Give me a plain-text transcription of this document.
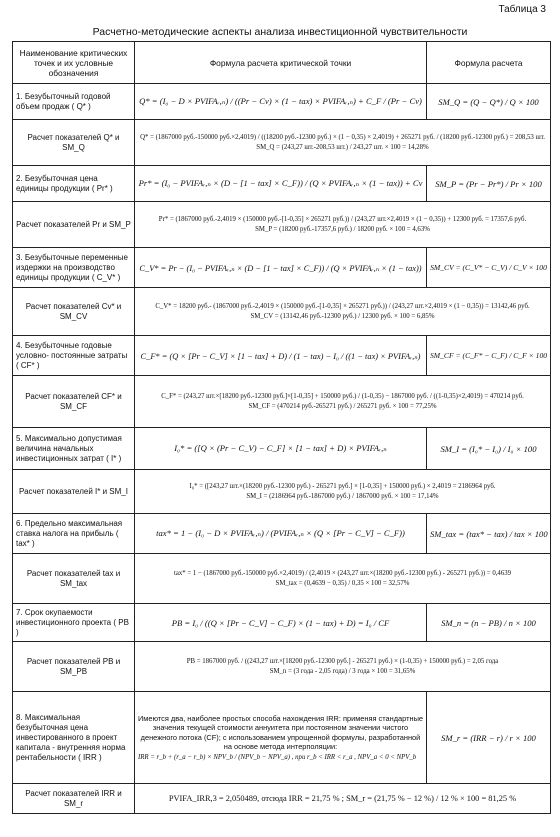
Таблица 3
Расчетно-методические аспекты анализа инвестиционной чувствительности
Наименование критических точек и их условные обозначения	Формула расчета критической точки	Формула расчета
1. Безубыточный годовой объем продаж ( Q* )	Q* = (I₀ − D × PVIFAᵣ,ₙ) / ((Pr − Cv) × (1 − tax) × PVIFAᵣ,ₙ) + C_F / (Pr − Cv)	SM_Q = (Q − Q*) / Q × 100
Расчет показателей Q* и SM_Q	Q* = (1867000 руб.-150000 руб.×2,4019) / ((18200 руб.-12300 руб.) × (1 − 0,35) × 2,4019) + 265271 руб. / (18200 руб.-12300 руб.) = 208,53 шт.
SM_Q = (243,27 шт.-208,53 шт.) / 243,27 шт. × 100 = 14,28%	

2. Безубыточная цена единицы продукции ( Pr* )	Pr* = (I₀ − PVIFAᵣ,ₙ × (D − [1 − tax] × C_F)) / (Q × PVIFAᵣ,ₙ × (1 − tax)) + Cv	SM_P = (Pr − Pr*) / Pr × 100
Расчет показателей Pr и SM_P	Pr* = (1867000 руб.-2,4019 × (150000 руб.-[1-0,35] × 265271 руб.)) / (243,27 шт.×2,4019 × (1 − 0,35)) + 12300 руб. = 17357,6 руб.
SM_P = (18200 руб.-17357,6 руб.) / 18200 руб. × 100 = 4,63%	

3. Безубыточные переменные издержки на производство единицы продукции ( C_V* )	C_V* = Pr − (I₀ − PVIFAᵣ,ₙ × (D − [1 − tax] × C_F)) / (Q × PVIFAᵣ,ₙ × (1 − tax))	SM_CV = (C_V* − C_V) / C_V × 100
Расчет показателей Cv* и SM_CV	C_V* = 18200 руб.- (1867000 руб.-2,4019 × (150000 руб.-[1-0,35] × 265271 руб.)) / (243,27 шт.×2,4019 × (1 − 0,35)) = 13142,46 руб.
SM_CV = (13142,46 руб.-12300 руб.) / 12300 руб. × 100 = 6,85%	

4. Безубыточные годовые условно- постоянные затраты ( CF* )	C_F* = (Q × [Pr − C_V] × [1 − tax] + D) / (1 − tax) − I₀ / ((1 − tax) × PVIFAᵣ,ₙ)	SM_CF = (C_F* − C_F) / C_F × 100
Расчет показателей CF* и SM_CF	C_F* = (243,27 шт.×[18200 руб.-12300 руб.]×[1-0,35] + 150000 руб.) / (1-0,35) − 1867000 руб. / ((1-0,35)×2,4019) = 470214 руб.
SM_CF = (470214 руб.-265271 руб.) / 265271 руб. × 100 = 77,25%	

5. Максимально допустимая величина начальных инвестиционных затрат ( I* )	I₀* = ([Q × (Pr − C_V) − C_F] × [1 − tax] + D) × PVIFAᵣ,ₙ	SM_I = (I₀* − I₀) / I₀ × 100
Расчет показателей I* и SM_I	I₀* = ([243,27 шт.×(18200 руб.-12300 руб.) - 265271 руб.] × [1-0,35] + 150000 руб.) × 2,4019 = 2186964 руб.
SM_I = (2186964 руб.-1867000 руб.) / 1867000 руб. × 100 = 17,14%	

6. Предельно максимальная ставка налога на прибыль ( tax* )	tax* = 1 − (I₀ − D × PVIFAᵣ,ₙ) / (PVIFAᵣ,ₙ × (Q × [Pr − C_V] − C_F))	SM_tax = (tax* − tax) / tax × 100
Расчет показателей tax и SM_tax	tax* = 1 − (1867000 руб.-150000 руб.×2,4019) / (2,4019 × (243,27 шт.×(18200 руб.-12300 руб.) - 265271 руб.)) = 0,4639
SM_tax = (0,4639 − 0,35) / 0,35 × 100 = 32,57%	

7. Срок окупаемости инвестиционного проекта ( PB )	PB = I₀ / ((Q × [Pr − C_V] − C_F) × (1 − tax) + D) = I₀ / CF	SM_n = (n − PB) / n × 100
Расчет показателей PB и SM_PB	PB = 1867000 руб. / ((243,27 шт.×[18200 руб.-12300 руб.] - 265271 руб.) × (1-0,35) + 150000 руб.) = 2,05 года
SM_n = (3 года - 2,05 года) / 3 года × 100 = 31,65%	

8. Максимальная безубыточная цена инвестированного в проект капитала - внутренняя норма рентабельности ( IRR )	Имеются два, наиболее простых способа нахождения IRR: применяя стандартные значения текущей стоимости аннуитета при постоянном значении чистого денежного потока (CF); с использованием упрощенной формулы, разработанной на основе метода интерполяции:
IRR = r_b + (r_a − r_b) × NPV_b / (NPV_b − NPV_a) , при r_b < IRR < r_a , NPV_a < 0 < NPV_b	SM_r = (IRR − r) / r × 100
Расчет показателей IRR и SM_r	PVIFA_IRR,3 = 2,050489, отсюда IRR = 21,75 % ; SM_r = (21,75 % − 12 %) / 12 % × 100 = 81,25 %	
